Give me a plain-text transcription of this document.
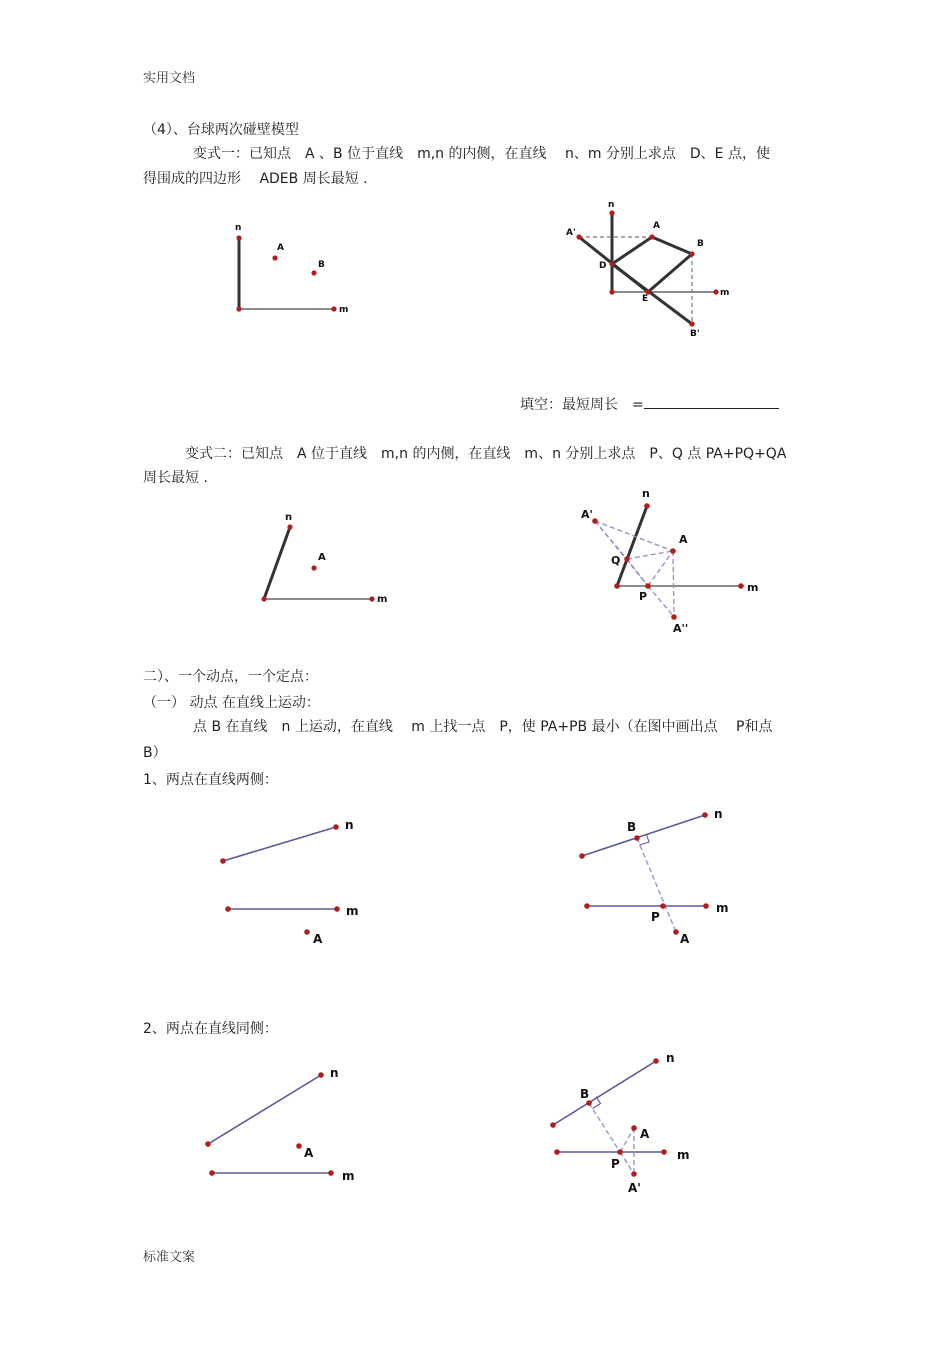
实用文档
标准文案
（4）、台球两次碰壁模型
变式一：已知点　A 、B 位于直线　m,n 的内侧，在直线　 n、m 分别上求点　D、E 点，使
得围成的四边形　 ADEB 周长最短 .
填空：最短周长　=
变式二：已知点　A 位于直线　m,n 的内侧，在直线　m、n 分别上求点　P、Q 点 PA+PQ+QA
周长最短 .
二）、一个动点，一个定点：
（一） 动点 在直线上运动：
点 B 在直线　n 上运动，在直线　 m 上找一点　P，使 PA+PB 最小（在图中画出点　 P和点
B）
1、两点在直线两侧：
2、两点在直线同侧：
n
A
B
m
n
A
A'
B
D
E
m
B'
n
A
m
n
A'
A
Q
P
m
A''
n
m
A
B
n
m
P
A
n
A
m
n
B
A
P
m
A'
